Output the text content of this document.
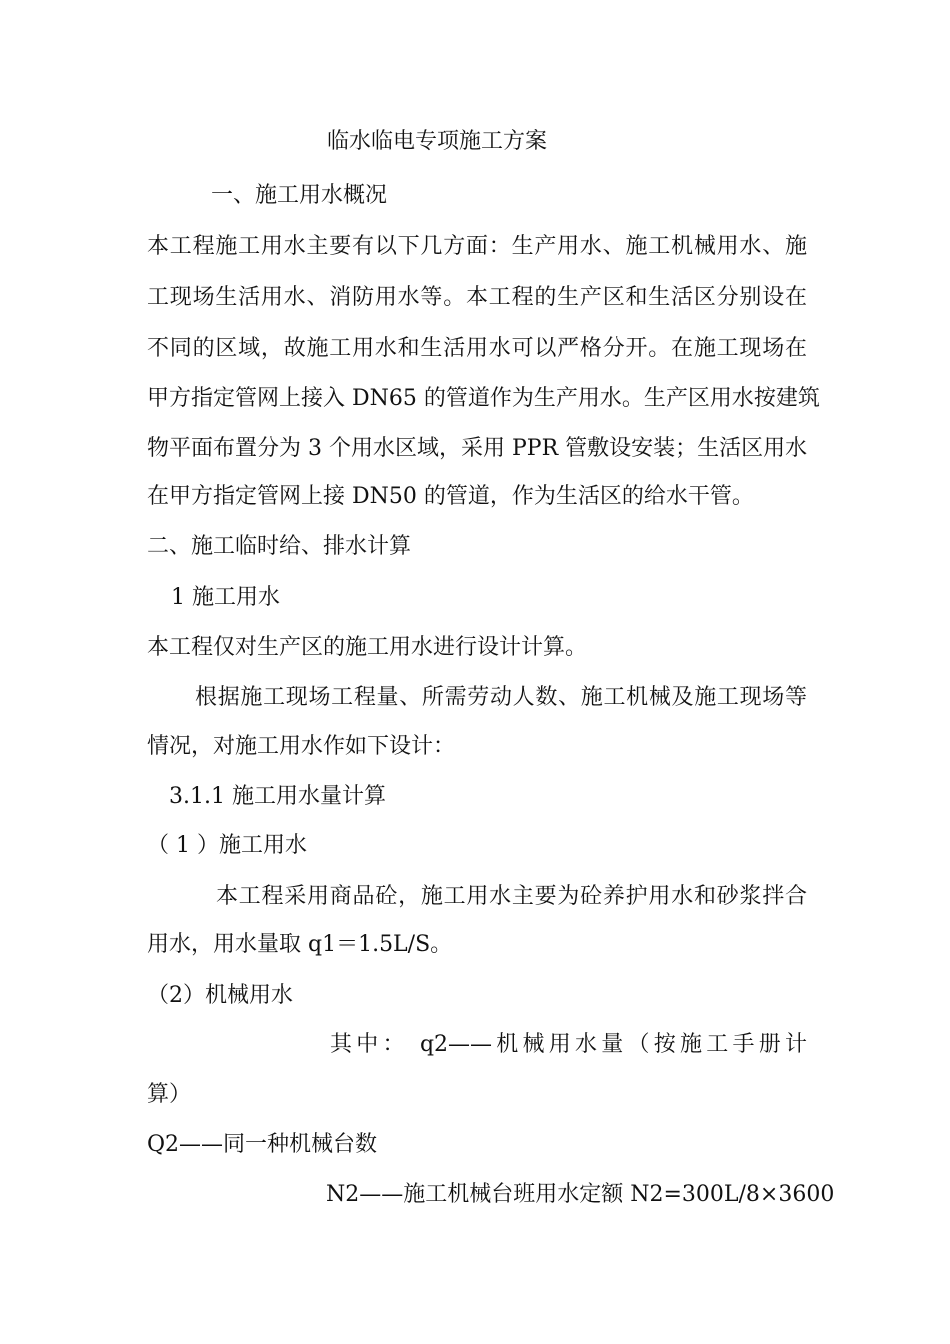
临水临电专项施工方案

一、施工用水概况

本工程施工用水主要有以下几方面：生产用水、施工机械用水、施

工现场生活用水、消防用水等。本工程的生产区和生活区分别设在

不同的区域，故施工用水和生活用水可以严格分开。在施工现场在

甲方指定管网上接入 DN65 的管道作为生产用水。生产区用水按建筑

物平面布置分为 3 个用水区域，采用 PPR 管敷设安装；生活区用水

在甲方指定管网上接 DN50 的管道，作为生活区的给水干管。

二、施工临时给、排水计算

1 施工用水

本工程仅对生产区的施工用水进行设计计算。

根据施工现场工程量、所需劳动人数、施工机械及施工现场等

情况，对施工用水作如下设计：

3.1.1 施工用水量计算

（ 1 ）施工用水

本工程采用商品砼，施工用水主要为砼养护用水和砂浆拌合

用水，用水量取 q1＝1.5L/S。

（2）机械用水

其中： q2——机械用水量（按施工手册计

算）

Q2——同一种机械台数

N2——施工机械台班用水定额 N2=300L/8×3600
